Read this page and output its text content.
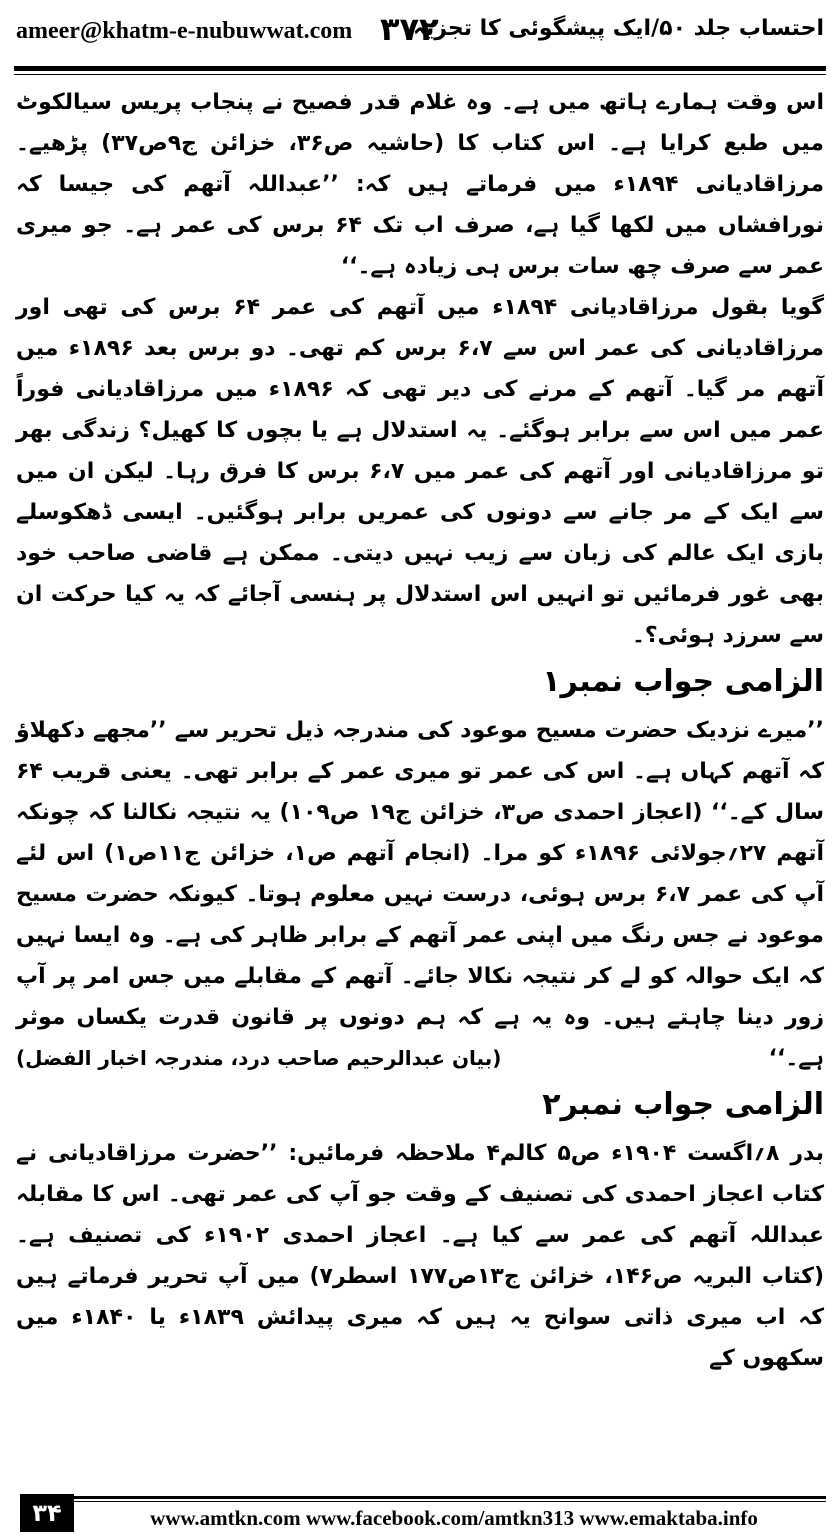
ameer@khatm-e-nubuwwat.com ۳۷۲
احتساب جلد ۵۰/ایک پیشگوئی کا تجزیہ

اس وقت ہمارے ہاتھ میں ہے۔ وہ غلام قدر فصیح نے پنجاب پریس سیالکوٹ میں طبع کرایا ہے۔ اس کتاب کا (حاشیہ ص۳۶، خزائن ج۹ص۳۷) پڑھیے۔ مرزاقادیانی ۱۸۹۴ء میں فرماتے ہیں کہ: ’’عبداللہ آتھم کی جیسا کہ نورافشاں میں لکھا گیا ہے، صرف اب تک ۶۴ برس کی عمر ہے۔ جو میری عمر سے صرف چھ سات برس ہی زیادہ ہے۔‘‘

گویا بقول مرزاقادیانی ۱۸۹۴ء میں آتھم کی عمر ۶۴ برس کی تھی اور مرزاقادیانی کی عمر اس سے ۶،۷ برس کم تھی۔ دو برس بعد ۱۸۹۶ء میں آتھم مر گیا۔ آتھم کے مرنے کی دیر تھی کہ ۱۸۹۶ء میں مرزاقادیانی فوراً عمر میں اس سے برابر ہوگئے۔ یہ استدلال ہے یا بچوں کا کھیل؟ زندگی بھر تو مرزاقادیانی اور آتھم کی عمر میں ۶،۷ برس کا فرق رہا۔ لیکن ان میں سے ایک کے مر جانے سے دونوں کی عمریں برابر ہوگئیں۔ ایسی ڈھکوسلے بازی ایک عالم کی زبان سے زیب نہیں دیتی۔ ممکن ہے قاضی صاحب خود بھی غور فرمائیں تو انہیں اس استدلال پر ہنسی آجائے کہ یہ کیا حرکت ان سے سرزد ہوئی؟۔

الزامی جواب نمبر۱

’’میرے نزدیک حضرت مسیح موعود کی مندرجہ ذیل تحریر سے ’’مجھے دکھلاؤ کہ آتھم کہاں ہے۔ اس کی عمر تو میری عمر کے برابر تھی۔ یعنی قریب ۶۴ سال کے۔‘‘ (اعجاز احمدی ص۳، خزائن ج۱۹ ص۱۰۹) یہ نتیجہ نکالنا کہ چونکہ آتھم ۲۷؍جولائی ۱۸۹۶ء کو مرا۔ (انجام آتھم ص۱، خزائن ج۱۱ص۱) اس لئے آپ کی عمر ۶،۷ برس ہوئی، درست نہیں معلوم ہوتا۔ کیونکہ حضرت مسیح موعود نے جس رنگ میں اپنی عمر آتھم کے برابر ظاہر کی ہے۔ وہ ایسا نہیں کہ ایک حوالہ کو لے کر نتیجہ نکالا جائے۔ آتھم کے مقابلے میں جس امر پر آپ زور دینا چاہتے ہیں۔ وہ یہ ہے کہ ہم دونوں پر قانون قدرت یکساں موثر ہے۔‘‘

(بیان عبدالرحیم صاحب درد، مندرجہ اخبار الفضل)

الزامی جواب نمبر۲

بدر ۸؍اگست ۱۹۰۴ء ص۵ کالم۴ ملاحظہ فرمائیں: ’’حضرت مرزاقادیانی نے کتاب اعجاز احمدی کی تصنیف کے وقت جو آپ کی عمر تھی۔ اس کا مقابلہ عبداللہ آتھم کی عمر سے کیا ہے۔ اعجاز احمدی ۱۹۰۲ء کی تصنیف ہے۔ (کتاب البریہ ص۱۴۶، خزائن ج۱۳ص۱۷۷ اسطر۷) میں آپ تحریر فرماتے ہیں کہ اب میری ذاتی سوانح یہ ہیں کہ میری پیدائش ۱۸۳۹ء یا ۱۸۴۰ء میں سکھوں کے

۳۴	www.amtkn.com www.facebook.com/amtkn313 www.emaktaba.info
